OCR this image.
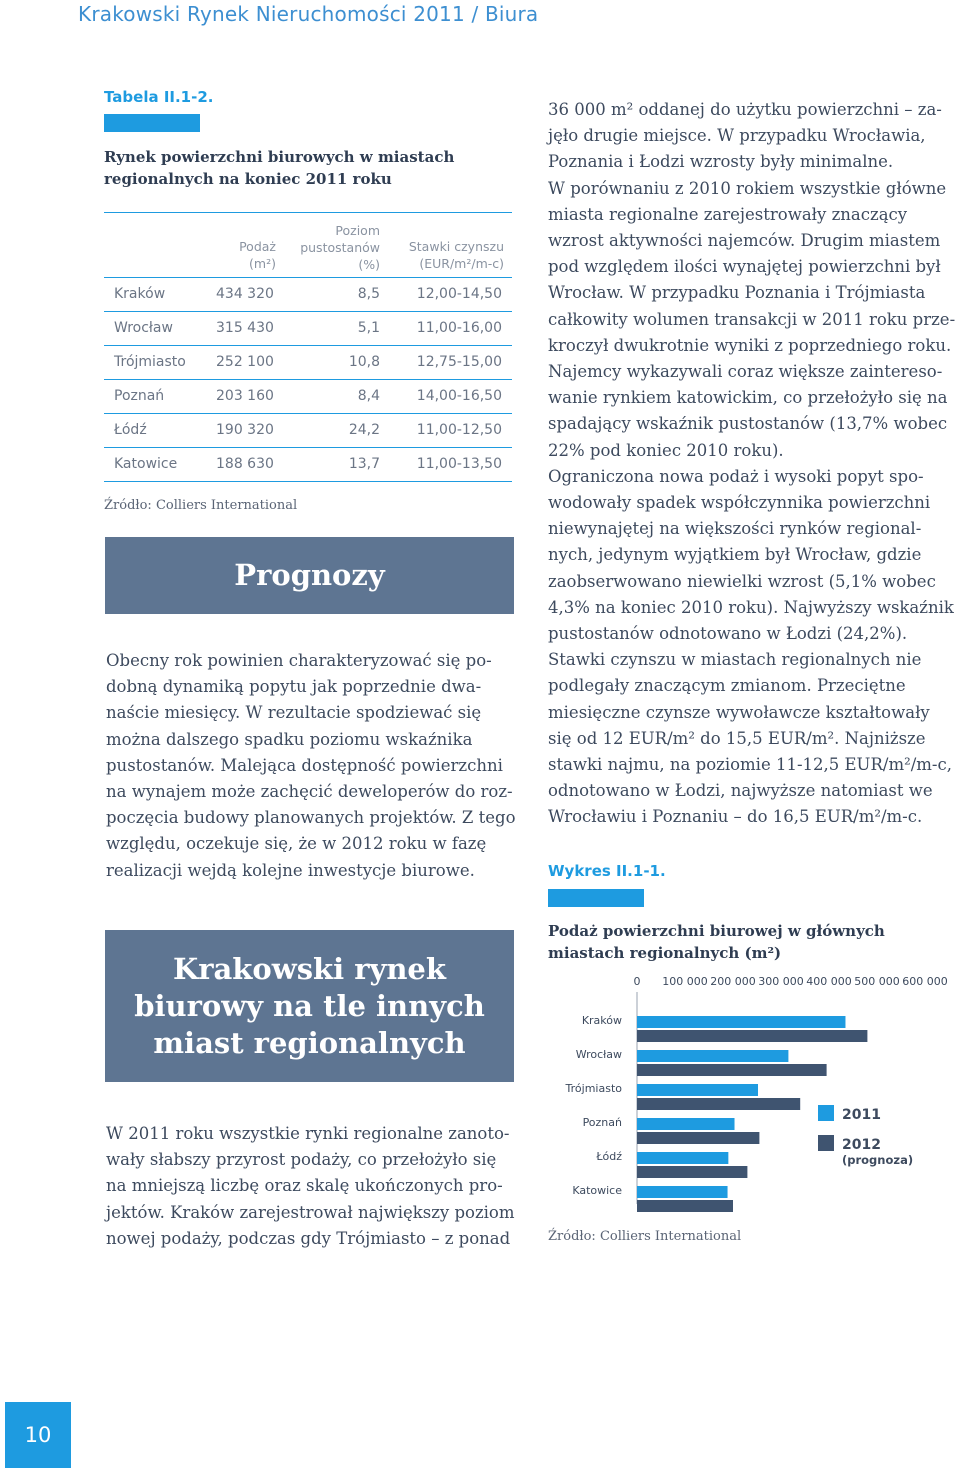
Krakowski Rynek Nieruchomości 2011 / Biura
Tabela II.1-2.
Rynek powierzchni biurowych w miastach
regionalnych na koniec 2011 roku
Podaż
(m²)
Poziom
pustostanów
(%)
Stawki czynszu
(EUR/m²/m-c)
Kraków	434 320	8,5	12,00-14,50
Wrocław	315 430	5,1	11,00-16,00
Trójmiasto 252 100	10,8	12,75-15,00
Poznań	203 160	8,4	14,00-16,50
Łódź	190 320	24,2	11,00-12,50
Katowice	188 630	13,7	11,00-13,50
Źródło: Colliers International
Prognozy
Obecny rok powinien charakteryzować się po-
dobną dynamiką popytu jak poprzednie dwa-
naście miesięcy. W rezultacie spodziewać się
można dalszego spadku poziomu wskaźnika
pustostanów. Malejąca dostępność powierzchni
na wynajem może zachęcić deweloperów do roz-
poczęcia budowy planowanych projektów. Z tego
względu, oczekuje się, że w 2012 roku w fazę
realizacji wejdą kolejne inwestycje biurowe.
Krakowski rynek
biurowy na tle innych
miast regionalnych
W 2011 roku wszystkie rynki regionalne zanoto-
wały słabszy przyrost podaży, co przełożyło się
na mniejszą liczbę oraz skalę ukończonych pro-
jektów. Kraków zarejestrował największy poziom
nowej podaży, podczas gdy Trójmiasto – z ponad
36 000 m² oddanej do użytku powierzchni – za-
jęło drugie miejsce. W przypadku Wrocławia,
Poznania i Łodzi wzrosty były minimalne.
W porównaniu z 2010 rokiem wszystkie główne
miasta regionalne zarejestrowały znaczący
wzrost aktywności najemców. Drugim miastem
pod względem ilości wynajętej powierzchni był
Wrocław. W przypadku Poznania i Trójmiasta
całkowity wolumen transakcji w 2011 roku prze-
kroczył dwukrotnie wyniki z poprzedniego roku.
Najemcy wykazywali coraz większe zaintereso-
wanie rynkiem katowickim, co przełożyło się na
spadający wskaźnik pustostanów (13,7% wobec
22% pod koniec 2010 roku).
Ograniczona nowa podaż i wysoki popyt spo-
wodowały spadek współczynnika powierzchni
niewynajętej na większości rynków regional-
nych, jedynym wyjątkiem był Wrocław, gdzie
zaobserwowano niewielki wzrost (5,1% wobec
4,3% na koniec 2010 roku). Najwyższy wskaźnik
pustostanów odnotowano w Łodzi (24,2%).
Stawki czynszu w miastach regionalnych nie
podlegały znaczącym zmianom. Przeciętne
miesięczne czynsze wywoławcze kształtowały
się od 12 EUR/m² do 15,5 EUR/m². Najniższe
stawki najmu, na poziomie 11-12,5 EUR/m²/m-c,
odnotowano w Łodzi, najwyższe natomiast we
Wrocławiu i Poznaniu – do 16,5 EUR/m²/m-c.
Wykres II.1-1.
Podaż powierzchni biurowej w głównych
miastach regionalnych (m²)
0 100 000 200 000 300 000 400 000 500 000 600 000
Kraków
Wrocław
Trójmiasto
Poznań
Łódź
Katowice
2011
2012
(prognoza)
Źródło: Colliers International
10
